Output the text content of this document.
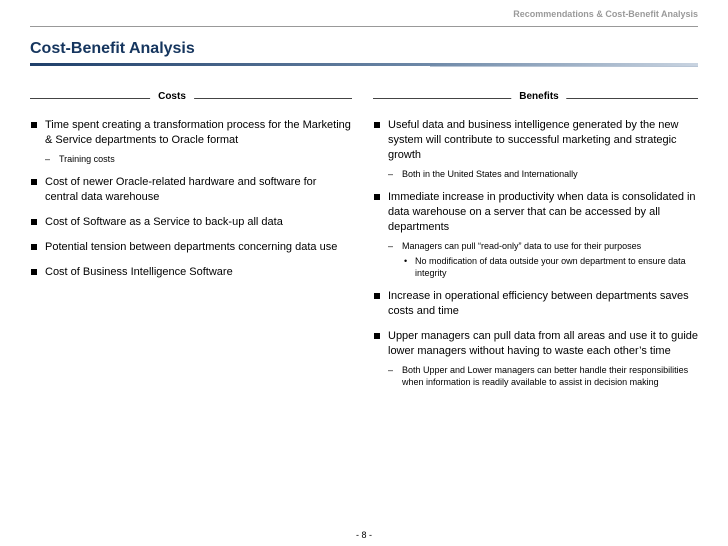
Recommendations & Cost-Benefit Analysis
Cost-Benefit Analysis
Costs
Time spent creating a transformation process for the Marketing & Service departments to Oracle format
– Training costs
Cost of newer Oracle-related hardware and software for central data warehouse
Cost of Software as a Service to back-up all data
Potential tension between departments concerning data use
Cost of Business Intelligence Software
Benefits
Useful data and business intelligence generated by the new system will contribute to successful marketing and strategic growth
– Both in the United States and Internationally
Immediate increase in productivity when data is consolidated in data warehouse on a server that can be accessed by all departments
– Managers can pull “read-only” data to use for their purposes
• No modification of data outside your own department to ensure data integrity
Increase in operational efficiency between departments saves costs and time
Upper managers can pull data from all areas and use it to guide lower managers without having to waste each other’s time
– Both Upper and Lower managers can better handle their responsibilities when information is readily available to assist in decision making
- 8 -
